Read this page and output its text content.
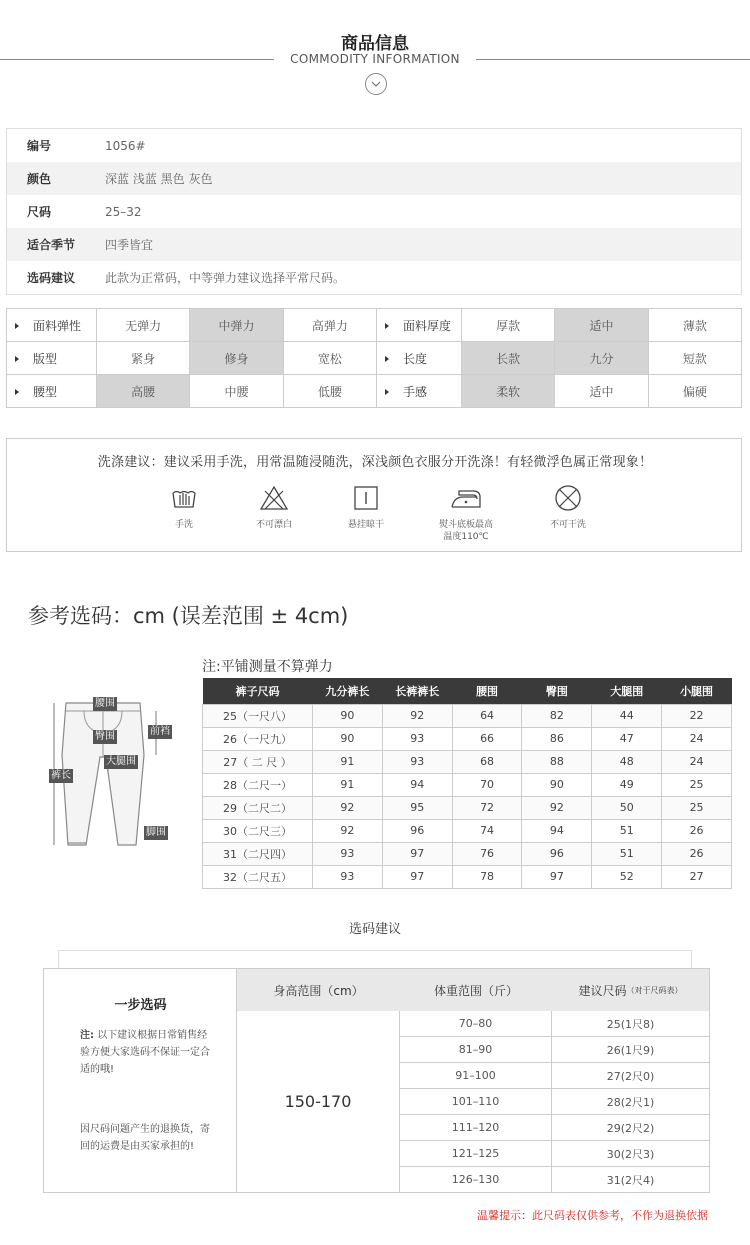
商品信息
COMMODITY INFORMATION
编号	1056#
颜色	深蓝 浅蓝 黑色 灰色
尺码	25–32
适合季节	四季皆宜
选码建议	此款为正常码，中等弹力建议选择平常尺码。
面料弹性	无弹力	中弹力	高弹力	面料厚度	厚款	适中	薄款
版型	紧身	修身	宽松	长度	长款	九分	短款
腰型	高腰	中腰	低腰	手感	柔软	适中	偏硬
洗涤建议：建议采用手洗，用常温随浸随洗，深浅颜色衣服分开洗涤！有轻微浮色属正常现象！
手洗	不可漂白	悬挂晾干	熨斗底板最高
温度110℃
不可干洗
参考选码：cm (误差范围 ± 4cm)
注:平铺测量不算弹力
腰围
臀围	前裆
大腿围
裤长
脚围
裤子尺码	九分裤长	长裤裤长	腰围	臀围	大腿围	小腿围
25（一尺八）	90	92	64	82	44	22
26（一尺九）	90	93	66	86	47	24
27（ 二 尺 ）	91	93	68	88	48	24
28（二尺一）	91	94	70	90	49	25
29（二尺二）	92	95	72	92	50	25
30（二尺三）	92	96	74	94	51	26
31（二尺四）	93	97	76	96	51	26
32（二尺五）	93	97	78	97	52	27
选码建议
一步选码
注: 以下建议根据日常销售经验方便大家选码不保证一定合适的哦!
因尺码问题产生的退换货，寄回的运费是由买家承担的!
身高范围（cm）	体重范围（斤）	建议尺码 （对于尺码表）
150-170
70–80	25(1尺8)
81–90	26(1尺9)
91–100	27(2尺0)
101–110	28(2尺1)
111–120	29(2尺2)
121–125	30(2尺3)
126–130	31(2尺4)
温馨提示：此尺码表仅供参考，不作为退换依据
